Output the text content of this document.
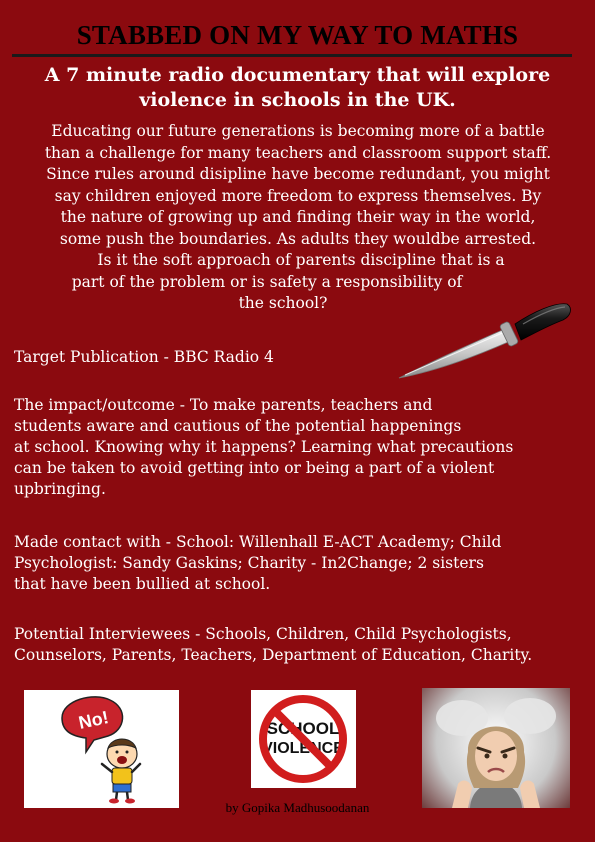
STABBED ON MY WAY TO MATHS
A 7 minute radio documentary that will explore
violence in schools in the UK.
Educating our future generations is becoming more of a battle
than a challenge for many teachers and classroom support staff.
Since rules around disipline have become redundant, you might
say children enjoyed more freedom to express themselves. By
the nature of growing up and finding their way in the world,
some push the boundaries. As adults they wouldbe arrested.
Is it the soft approach of parents discipline that is a
part of the problem or is safety a responsibility of
the school?
Target Publication - BBC Radio 4
The impact/outcome - To make parents, teachers and
students aware and cautious of the potential happenings
at school. Knowing why it happens? Learning what precautions
can be taken to avoid getting into or being a part of a violent
upbringing.
Made contact with - School: Willenhall E-ACT Academy; Child
Psychologist: Sandy Gaskins; Charity - In2Change; 2 sisters
that have been bullied at school.
Potential Interviewees - Schools, Children, Child Psychologists,
Counselors, Parents, Teachers, Department of Education, Charity.
No!	SCHOOL
VIOLENCE
by Gopika Madhusoodanan
